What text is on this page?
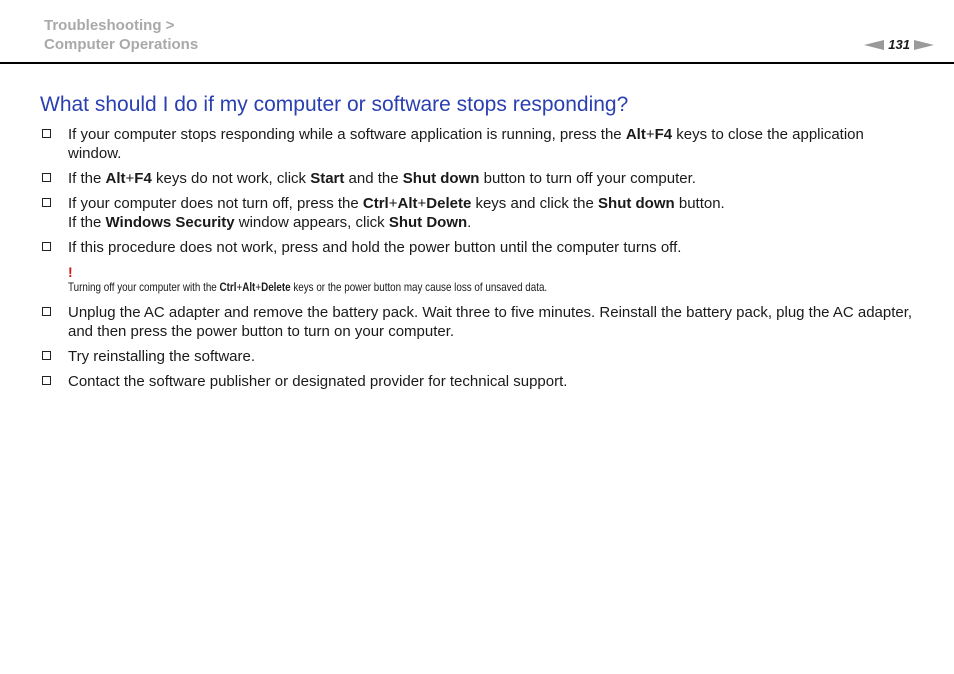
Troubleshooting >
Computer Operations	131
What should I do if my computer or software stops responding?
If your computer stops responding while a software application is running, press the Alt+F4 keys to close the application window.
If the Alt+F4 keys do not work, click Start and the Shut down button to turn off your computer.
If your computer does not turn off, press the Ctrl+Alt+Delete keys and click the Shut down button.
If the Windows Security window appears, click Shut Down.
If this procedure does not work, press and hold the power button until the computer turns off.
!
Turning off your computer with the Ctrl+Alt+Delete keys or the power button may cause loss of unsaved data.
Unplug the AC adapter and remove the battery pack. Wait three to five minutes. Reinstall the battery pack, plug the AC adapter, and then press the power button to turn on your computer.
Try reinstalling the software.
Contact the software publisher or designated provider for technical support.
